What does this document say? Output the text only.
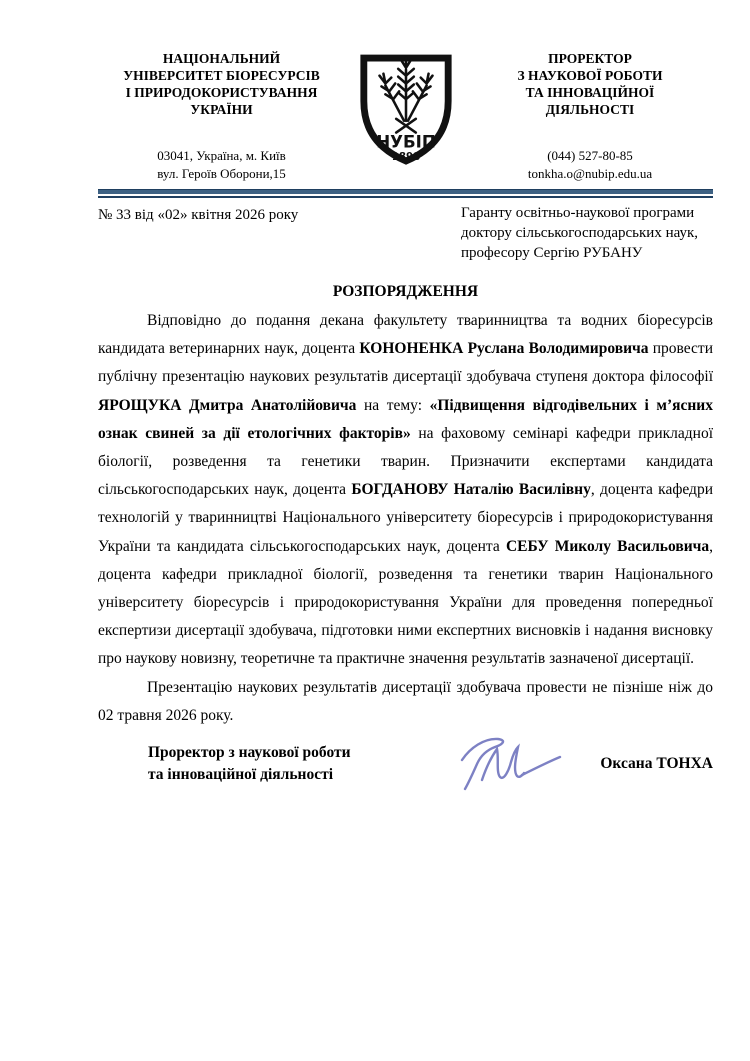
НАЦІОНАЛЬНИЙ
УНІВЕРСИТЕТ БІОРЕСУРСІВ
І ПРИРОДОКОРИСТУВАННЯ
УКРАЇНИ
03041, Україна, м. Київ
вул. Героїв Оборони,15
НУБІП
1898
ПРОРЕКТОР
З НАУКОВОЇ РОБОТИ
ТА ІННОВАЦІЙНОЇ
ДІЯЛЬНОСТІ
(044) 527-80-85
tonkha.o@nubip.edu.ua
№ 33 від «02» квітня 2026 року	Гаранту освітньо-наукової програми
доктору сільськогосподарських наук,
професору Сергію РУБАНУ
РОЗПОРЯДЖЕННЯ

Відповідно до подання декана факультету тваринництва та водних біоресурсів кандидата ветеринарних наук, доцента КОНОНЕНКА Руслана Володимировича провести публічну презентацію наукових результатів дисертації здобувача ступеня доктора філософії ЯРОЩУКА Дмитра Анатолійовича на тему: «Підвищення відгодівельних і м’ясних ознак свиней за дії етологічних факторів» на фаховому семінарі кафедри прикладної біології, розведення та генетики тварин. Призначити експертами кандидата сільськогосподарських наук, доцента БОГДАНОВУ Наталію Василівну, доцента кафедри технологій у тваринництві Національного університету біоресурсів і природокористування України та кандидата сільськогосподарських наук, доцента СЕБУ Миколу Васильовича, доцента кафедри прикладної біології, розведення та генетики тварин Національного університету біоресурсів і природокористування України для проведення попередньої експертизи дисертації здобувача, підготовки ними експертних висновків і надання висновку про наукову новизну, теоретичне та практичне значення результатів зазначеної дисертації.

Презентацію наукових результатів дисертації здобувача провести не пізніше ніж до 02 травня 2026 року.

Проректор з наукової роботи
та інноваційної діяльності
Оксана ТОНХА
